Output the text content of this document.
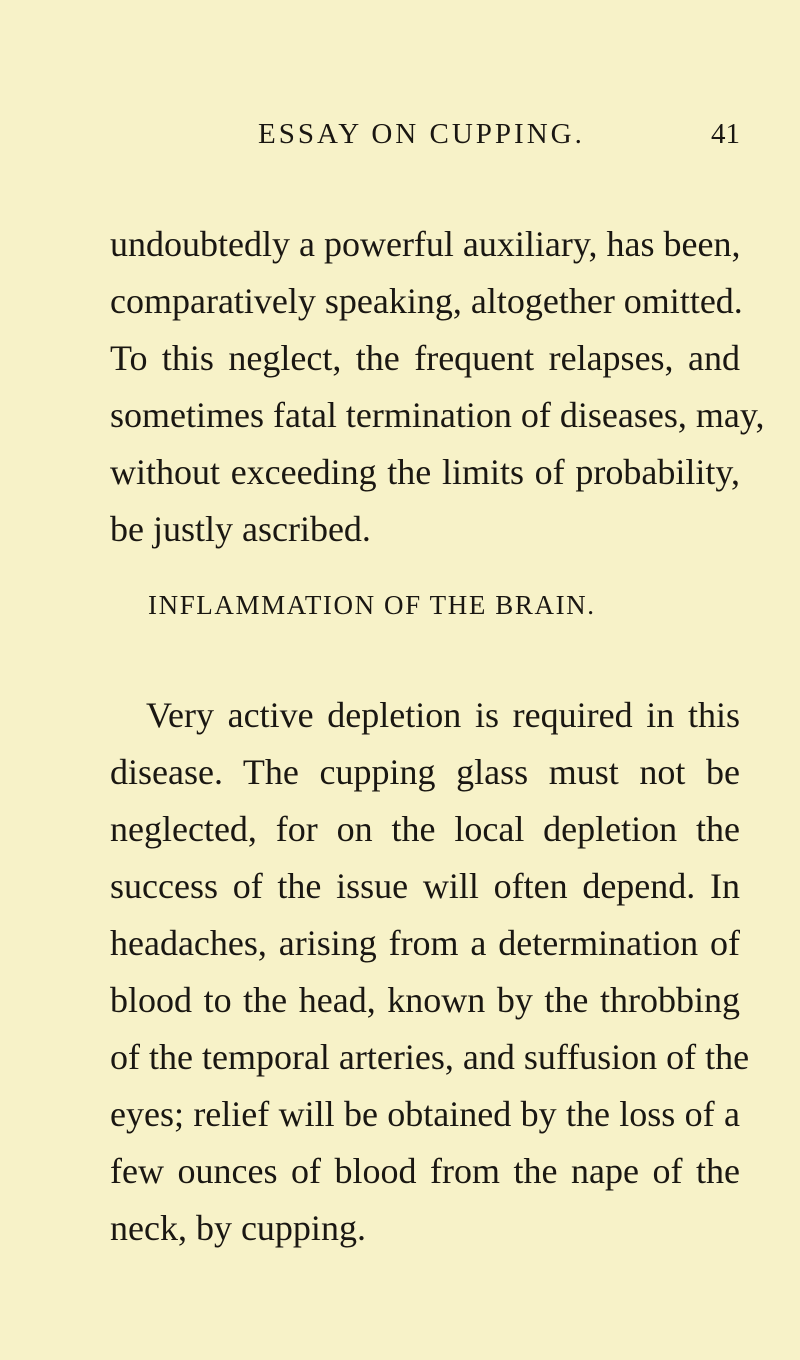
ESSAY ON CUPPING.	41
undoubtedly a powerful auxiliary, has been,
comparatively speaking, altogether omitted.
To this neglect, the frequent relapses, and
sometimes fatal termination of diseases, may,
without exceeding the limits of probability,
be justly ascribed.
INFLAMMATION OF THE BRAIN.
Very active depletion is required in this
disease. The cupping glass must not be
neglected, for on the local depletion the
success of the issue will often depend. In
headaches, arising from a determination of
blood to the head, known by the throbbing
of the temporal arteries, and suffusion of the
eyes; relief will be obtained by the loss of a
few ounces of blood from the nape of the
neck, by cupping.
